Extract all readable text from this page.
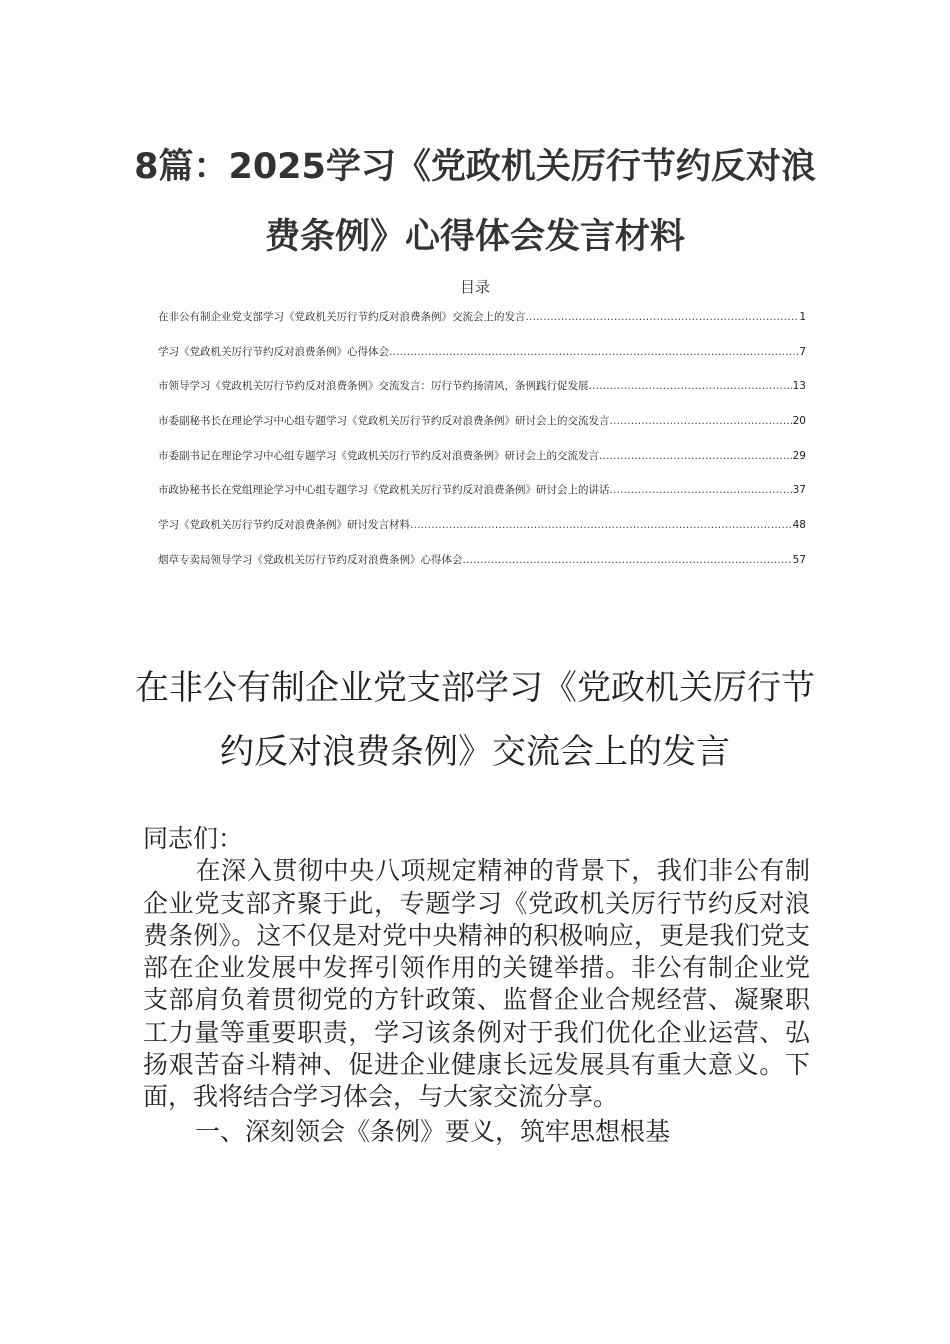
8篇：2025学习《党政机关厉行节约反对浪费条例》心得体会发言材料
目录
在非公有制企业党支部学习《党政机关厉行节约反对浪费条例》交流会上的发言 .....	1
学习《党政机关厉行节约反对浪费条例》心得体会 .....	7
市领导学习《党政机关厉行节约反对浪费条例》交流发言：厉行节约扬清风，条例践行促发展 .....	13
市委副秘书长在理论学习中心组专题学习《党政机关厉行节约反对浪费条例》研讨会上的交流发言 .....	20
市委副书记在理论学习中心组专题学习《党政机关厉行节约反对浪费条例》研讨会上的交流发言 .....	29
市政协秘书长在党组理论学习中心组专题学习《党政机关厉行节约反对浪费条例》研讨会上的讲话 .....	37
学习《党政机关厉行节约反对浪费条例》研讨发言材料 .....	48
烟草专卖局领导学习《党政机关厉行节约反对浪费条例》心得体会 .....	57
在非公有制企业党支部学习《党政机关厉行节约反对浪费条例》交流会上的发言

同志们：

在深入贯彻中央八项规定精神的背景下，我们非公有制企业党支部齐聚于此，专题学习《党政机关厉行节约反对浪费条例》。这不仅是对党中央精神的积极响应，更是我们党支部在企业发展中发挥引领作用的关键举措。非公有制企业党支部肩负着贯彻党的方针政策、监督企业合规经营、凝聚职工力量等重要职责，学习该条例对于我们优化企业运营、弘扬艰苦奋斗精神、促进企业健康长远发展具有重大意义。下面，我将结合学习体会，与大家交流分享。

一、深刻领会《条例》要义，筑牢思想根基
